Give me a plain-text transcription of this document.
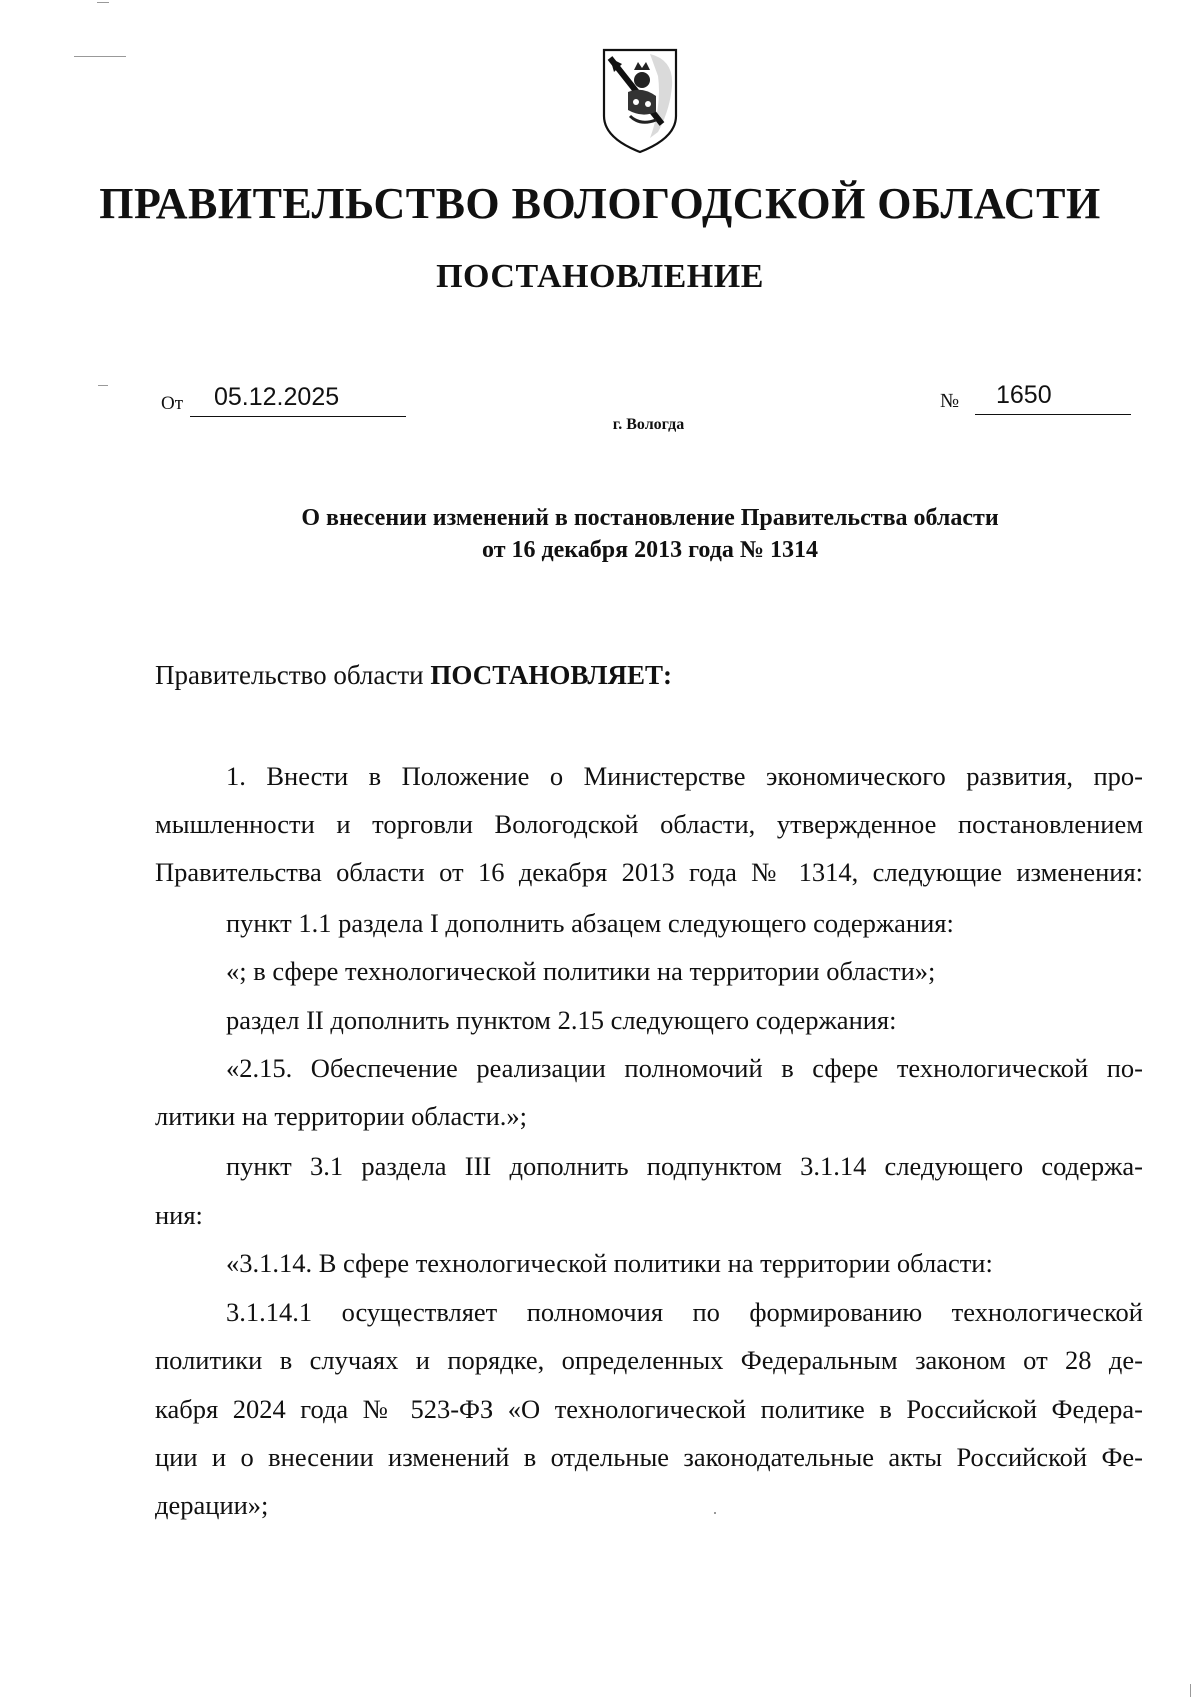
ПРАВИТЕЛЬСТВО ВОЛОГОДСКОЙ ОБЛАСТИ
ПОСТАНОВЛЕНИЕ
От 05.12.2025	№ 1650
г. Вологда
О внесении изменений в постановление Правительства области
от 16 декабря 2013 года № 1314
Правительство области ПОСТАНОВЛЯЕТ:
1. Внести в Положение о Министерстве экономического развития, про-
мышленности и торговли Вологодской области, утвержденное постановлением
Правительства области от 16 декабря 2013 года № 1314, следующие изменения:
пункт 1.1 раздела I дополнить абзацем следующего содержания:
«; в сфере технологической политики на территории области»;
раздел II дополнить пунктом 2.15 следующего содержания:
«2.15. Обеспечение реализации полномочий в сфере технологической по-
литики на территории области.»;
пункт 3.1 раздела III дополнить подпунктом 3.1.14 следующего содержа-
ния:
«3.1.14. В сфере технологической политики на территории области:
3.1.14.1 осуществляет полномочия по формированию технологической
политики в случаях и порядке, определенных Федеральным законом от 28 де-
кабря 2024 года № 523-ФЗ «О технологической политике в Российской Федера-
ции и о внесении изменений в отдельные законодательные акты Российской Фе-
дерации»;
